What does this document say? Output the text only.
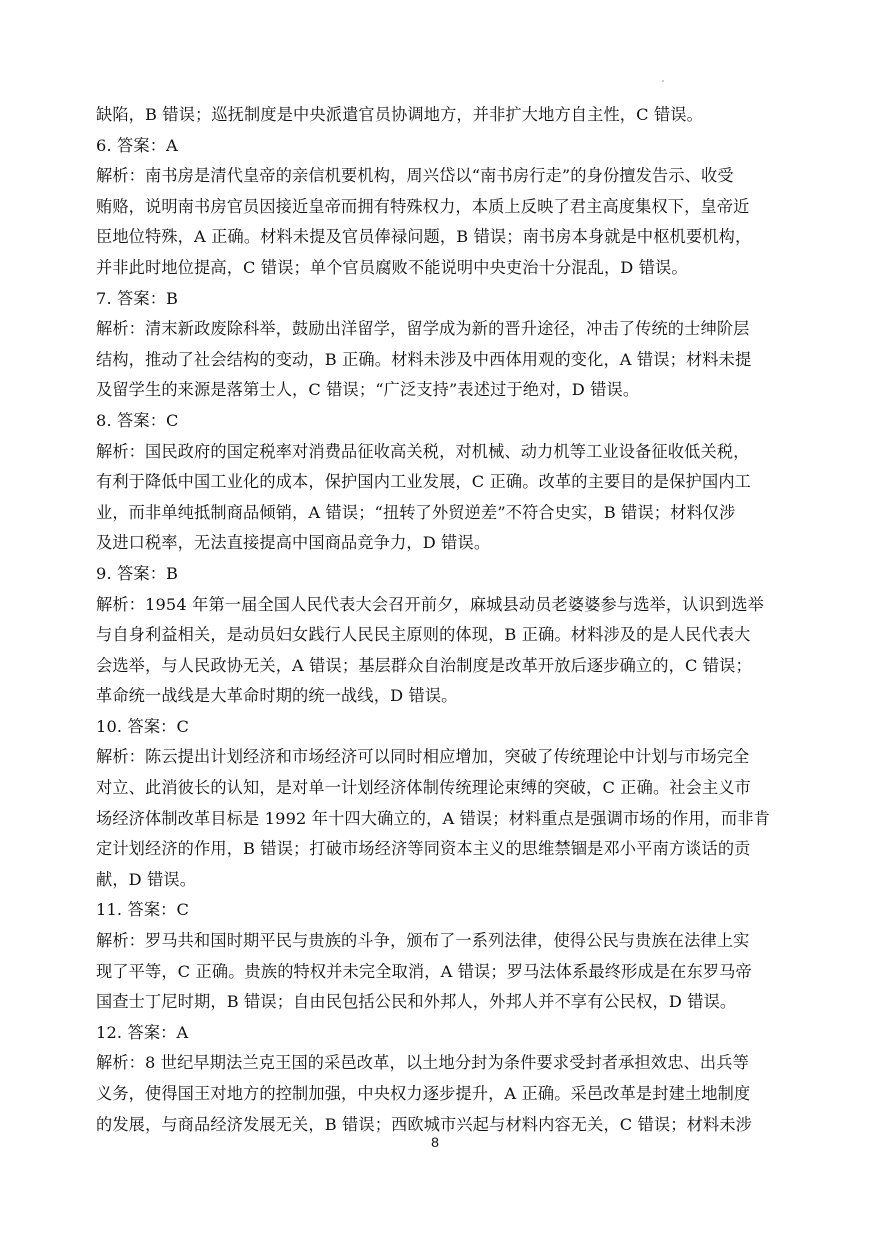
缺陷，B 错误；巡抚制度是中央派遣官员协调地方，并非扩大地方自主性，C 错误。
6. 答案：A
解析：南书房是清代皇帝的亲信机要机构，周兴岱以“南书房行走”的身份擅发告示、收受
贿赂，说明南书房官员因接近皇帝而拥有特殊权力，本质上反映了君主高度集权下，皇帝近
臣地位特殊，A 正确。材料未提及官员俸禄问题，B 错误；南书房本身就是中枢机要机构，
并非此时地位提高，C 错误；单个官员腐败不能说明中央吏治十分混乱，D 错误。
7. 答案：B
解析：清末新政废除科举，鼓励出洋留学，留学成为新的晋升途径，冲击了传统的士绅阶层
结构，推动了社会结构的变动，B 正确。材料未涉及中西体用观的变化，A 错误；材料未提
及留学生的来源是落第士人，C 错误；“广泛支持”表述过于绝对，D 错误。
8. 答案：C
解析：国民政府的国定税率对消费品征收高关税，对机械、动力机等工业设备征收低关税，
有利于降低中国工业化的成本，保护国内工业发展，C 正确。改革的主要目的是保护国内工
业，而非单纯抵制商品倾销，A 错误；“扭转了外贸逆差”不符合史实，B 错误；材料仅涉
及进口税率，无法直接提高中国商品竞争力，D 错误。
9. 答案：B
解析：1954 年第一届全国人民代表大会召开前夕，麻城县动员老婆婆参与选举，认识到选举
与自身利益相关，是动员妇女践行人民民主原则的体现，B 正确。材料涉及的是人民代表大
会选举，与人民政协无关，A 错误；基层群众自治制度是改革开放后逐步确立的，C 错误；
革命统一战线是大革命时期的统一战线，D 错误。
10. 答案：C
解析：陈云提出计划经济和市场经济可以同时相应增加，突破了传统理论中计划与市场完全
对立、此消彼长的认知，是对单一计划经济体制传统理论束缚的突破，C 正确。社会主义市
场经济体制改革目标是 1992 年十四大确立的，A 错误；材料重点是强调市场的作用，而非肯
定计划经济的作用，B 错误；打破市场经济等同资本主义的思维禁锢是邓小平南方谈话的贡
献，D 错误。
11. 答案：C
解析：罗马共和国时期平民与贵族的斗争，颁布了一系列法律，使得公民与贵族在法律上实
现了平等，C 正确。贵族的特权并未完全取消，A 错误；罗马法体系最终形成是在东罗马帝
国查士丁尼时期，B 错误；自由民包括公民和外邦人，外邦人并不享有公民权，D 错误。
12. 答案：A
解析：8 世纪早期法兰克王国的采邑改革，以土地分封为条件要求受封者承担效忠、出兵等
义务，使得国王对地方的控制加强，中央权力逐步提升，A 正确。采邑改革是封建土地制度
的发展，与商品经济发展无关，B 错误；西欧城市兴起与材料内容无关，C 错误；材料未涉
8
